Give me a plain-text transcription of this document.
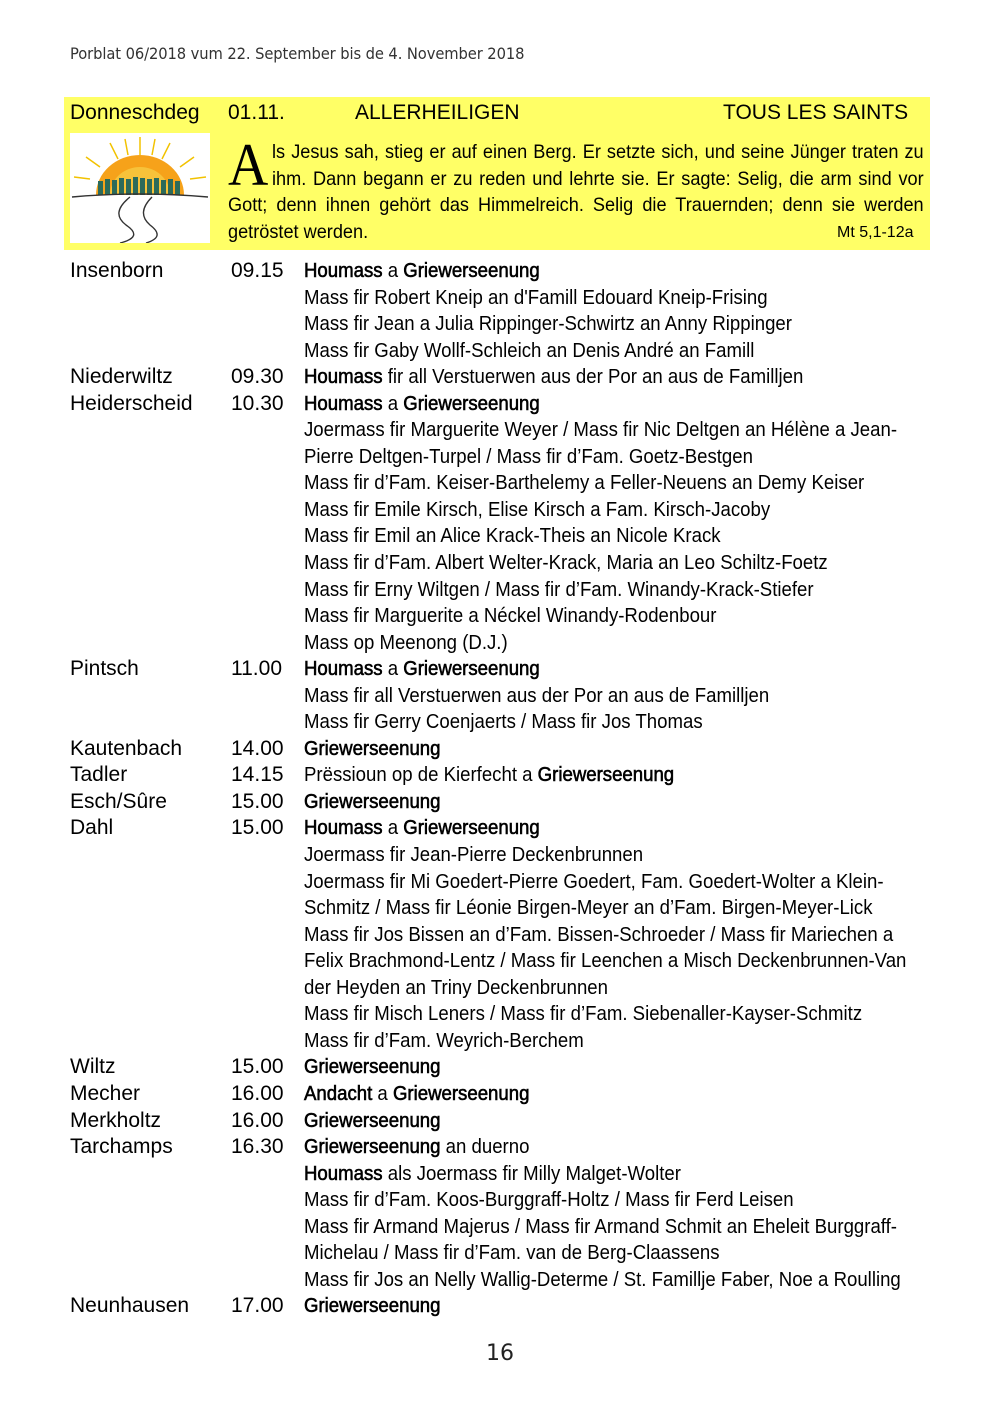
Porblat 06/2018 vum 22. September bis de 4. November 2018
Donneschdeg 01.11.	ALLERHEILIGEN	TOUS LES SAINTS
Als Jesus sah, stieg er auf einen Berg. Er setzte sich, und seine Jünger traten zu ihm. Dann begann er zu reden und lehrte sie. Er sagte: Selig, die arm sind vor Gott; denn ihnen gehört das Himmelreich. Selig die Trauernden; denn sie werden getröstet werden.	Mt 5,1-12a
Insenborn	09.15 Houmass a Griewerseenung
Mass fir Robert Kneip an d'Famill Edouard Kneip-Frising
Mass fir Jean a Julia Rippinger-Schwirtz an Anny Rippinger
Mass fir Gaby Wollf-Schleich an Denis André an Famill
Niederwiltz	09.30 Houmass fir all Verstuerwen aus der Por an aus de Familljen
Heiderscheid 10.30 Houmass a Griewerseenung
Joermass fir Marguerite Weyer / Mass fir Nic Deltgen an Hélène a Jean-
Pierre Deltgen-Turpel / Mass fir d’Fam. Goetz-Bestgen
Mass fir d’Fam. Keiser-Barthelemy a Feller-Neuens an Demy Keiser
Mass fir Emile Kirsch, Elise Kirsch a Fam. Kirsch-Jacoby
Mass fir Emil an Alice Krack-Theis an Nicole Krack
Mass fir d’Fam. Albert Welter-Krack, Maria an Leo Schiltz-Foetz
Mass fir Erny Wiltgen / Mass fir d’Fam. Winandy-Krack-Stiefer
Mass fir Marguerite a Néckel Winandy-Rodenbour
Mass op Meenong (D.J.)
Pintsch	11.00 Houmass a Griewerseenung
Mass fir all Verstuerwen aus der Por an aus de Familljen
Mass fir Gerry Coenjaerts / Mass fir Jos Thomas
Kautenbach 14.00 Griewerseenung
Tadler	14.15 Prëssioun op de Kierfecht a Griewerseenung
Esch/Sûre	15.00 Griewerseenung
Dahl	15.00 Houmass a Griewerseenung
Joermass fir Jean-Pierre Deckenbrunnen
Joermass fir Mi Goedert-Pierre Goedert, Fam. Goedert-Wolter a Klein-
Schmitz / Mass fir Léonie Birgen-Meyer an d’Fam. Birgen-Meyer-Lick
Mass fir Jos Bissen an d’Fam. Bissen-Schroeder / Mass fir Mariechen a
Felix Brachmond-Lentz / Mass fir Leenchen a Misch Deckenbrunnen-Van
der Heyden an Triny Deckenbrunnen
Mass fir Misch Leners / Mass fir d’Fam. Siebenaller-Kayser-Schmitz
Mass fir d’Fam. Weyrich-Berchem
Wiltz	15.00 Griewerseenung
Mecher	16.00 Andacht a Griewerseenung
Merkholtz	16.00 Griewerseenung
Tarchamps	16.30 Griewerseenung an duerno
Houmass als Joermass fir Milly Malget-Wolter
Mass fir d’Fam. Koos-Burggraff-Holtz / Mass fir Ferd Leisen
Mass fir Armand Majerus / Mass fir Armand Schmit an Eheleit Burggraff-
Michelau / Mass fir d’Fam. van de Berg-Claassens
Mass fir Jos an Nelly Wallig-Determe / St. Famillje Faber, Noe a Roulling
Neunhausen 17.00 Griewerseenung
16
